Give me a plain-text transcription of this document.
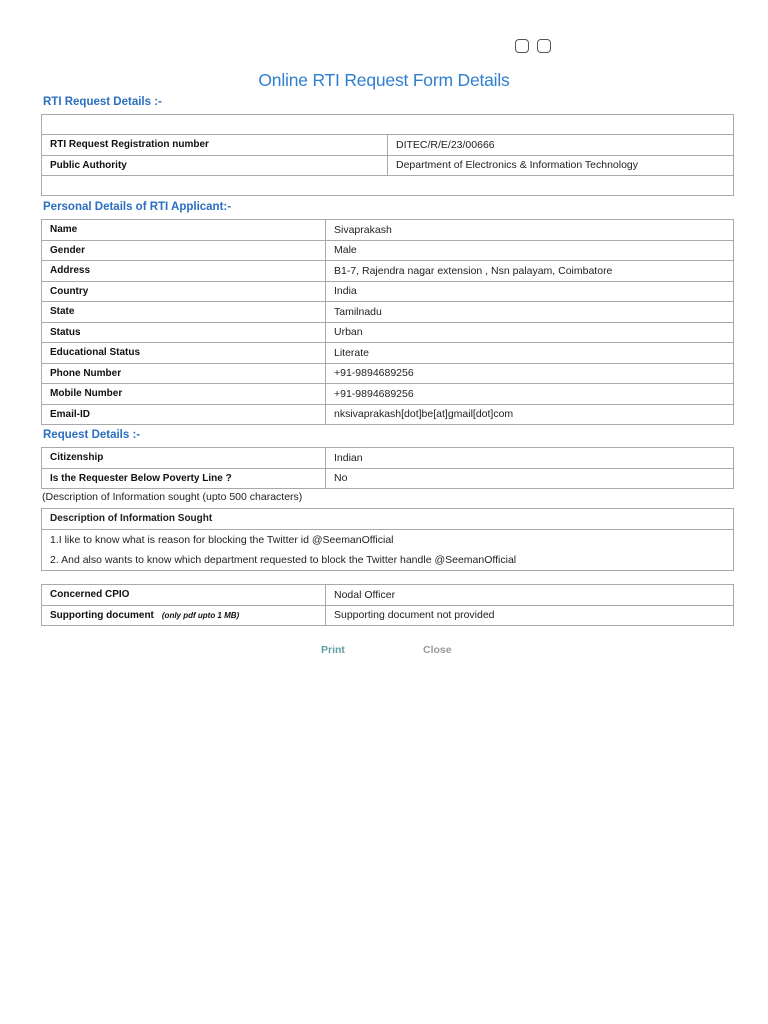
Online RTI Request Form Details
RTI Request Details :-

RTI Request Registration number	DITEC/R/E/23/00666
Public Authority	Department of Electronics & Information Technology

Personal Details of RTI Applicant:-
Name	Sivaprakash
Gender	Male
Address	B1-7, Rajendra nagar extension , Nsn palayam, Coimbatore
Country	India
State	Tamilnadu
Status	Urban
Educational Status	Literate
Phone Number	+91-9894689256
Mobile Number	+91-9894689256
Email-ID	nksivaprakash[dot]be[at]gmail[dot]com
Request Details :-
Citizenship	Indian
Is the Requester Below Poverty Line ?	No
(Description of Information sought (upto 500 characters)
Description of Information Sought

1.I like to know what is reason for blocking the Twitter id @SeemanOfficial
2. And also wants to know which department requested to block the Twitter handle @SeemanOfficial
Concerned CPIO	Nodal Officer
Supporting document (only pdf upto 1 MB)	Supporting document not provided
Print	Close
